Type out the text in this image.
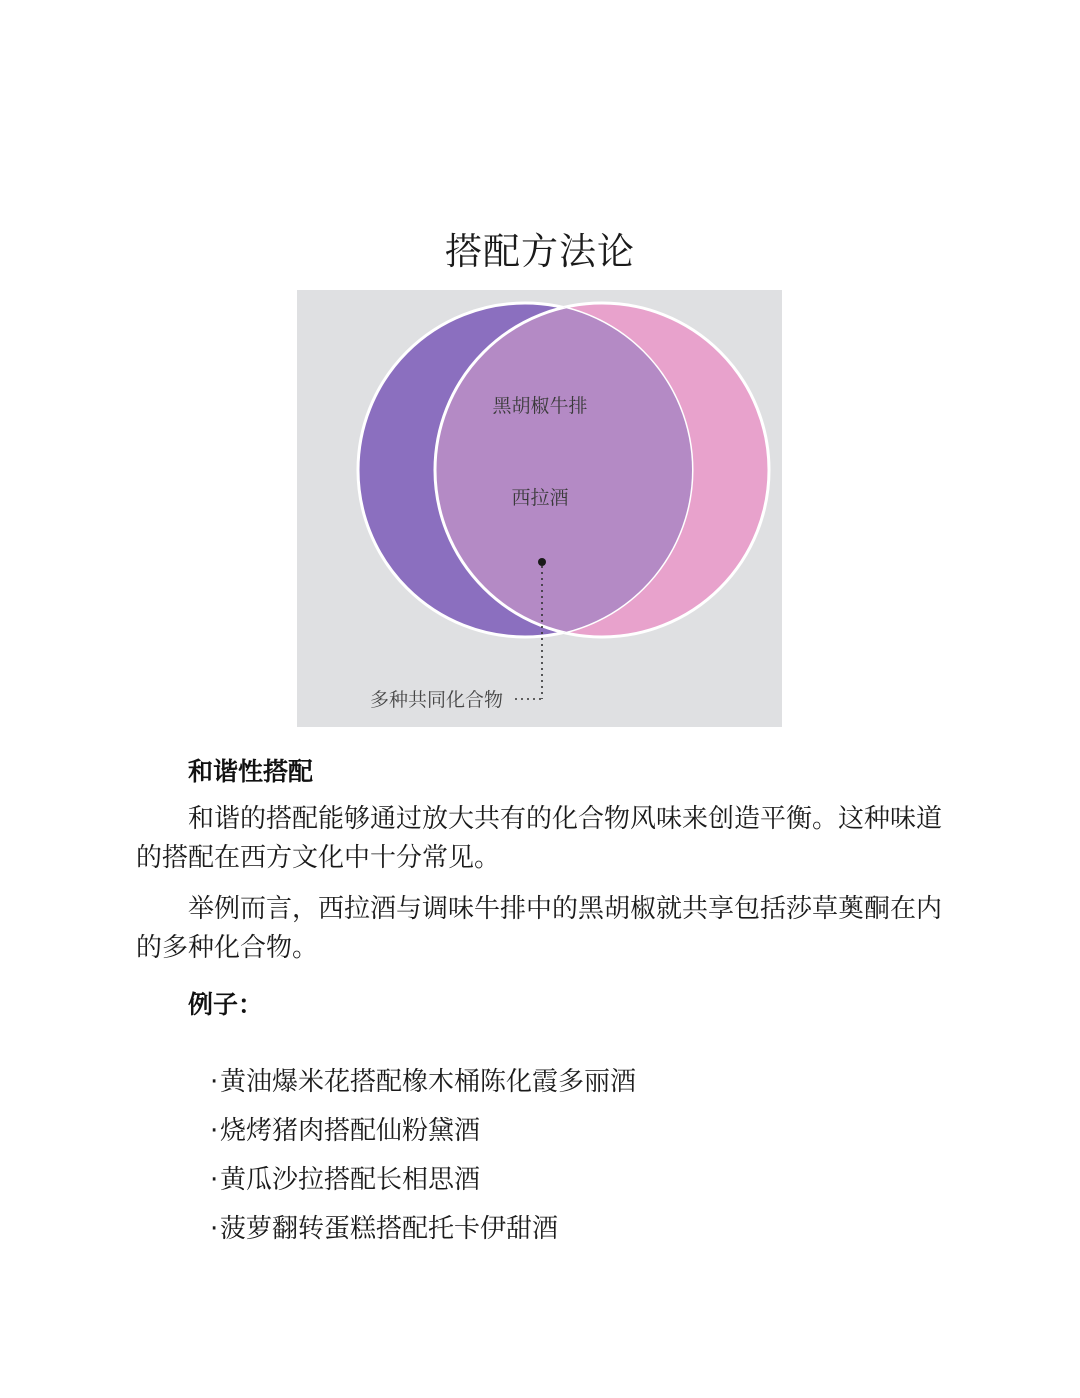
搭配方法论
黑胡椒牛排
西拉酒
多种共同化合物
和谐性搭配

和谐的搭配能够通过放大共有的化合物风味来创造平衡。这种味道的搭配在西方文化中十分常见。

举例而言，西拉酒与调味牛排中的黑胡椒就共享包括莎草薁酮在内的多种化合物。

例子：
·黄油爆米花搭配橡木桶陈化霞多丽酒
·烧烤猪肉搭配仙粉黛酒
·黄瓜沙拉搭配长相思酒
·菠萝翻转蛋糕搭配托卡伊甜酒
